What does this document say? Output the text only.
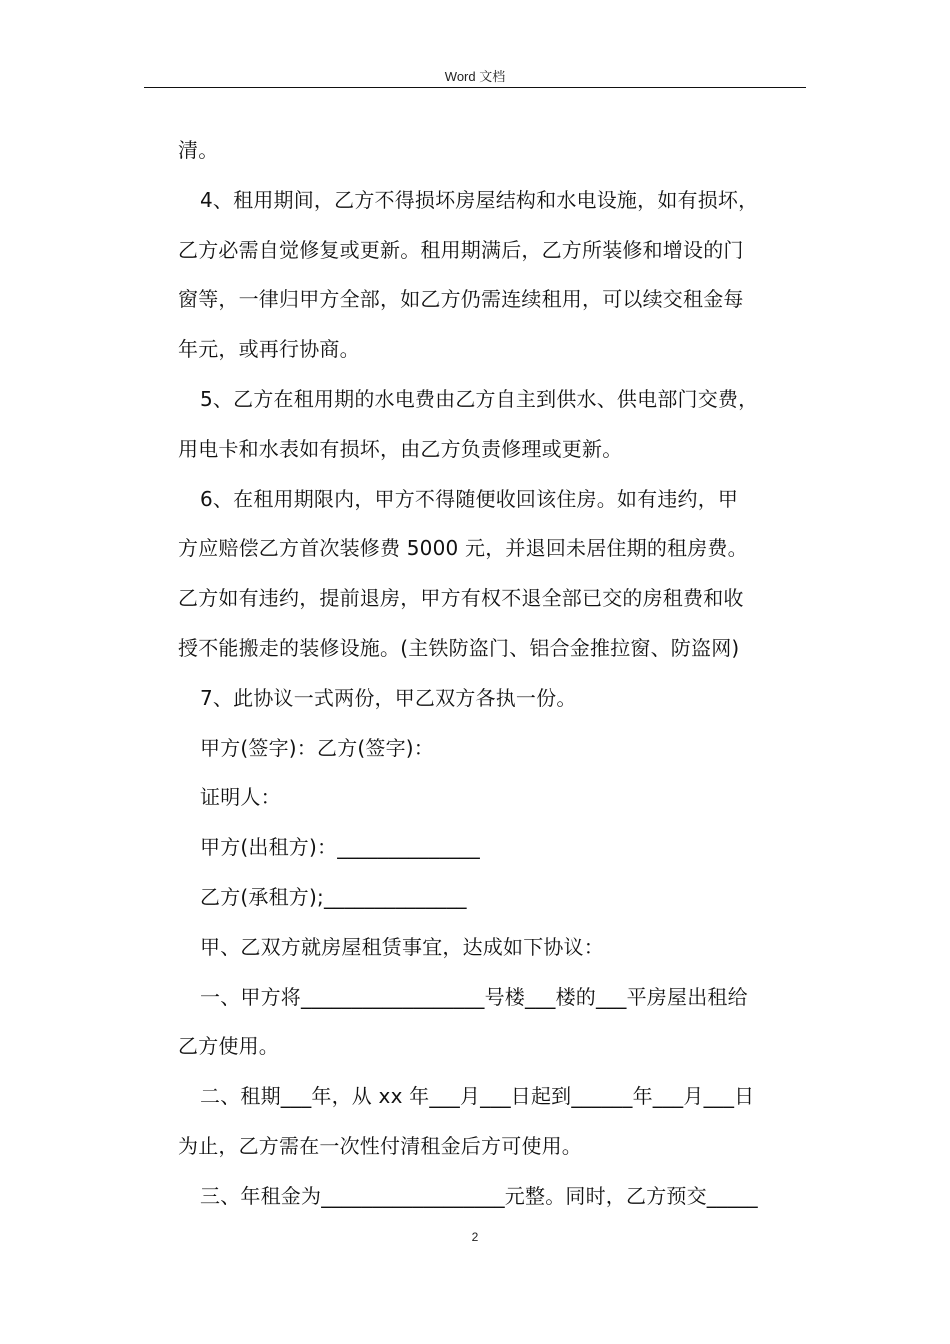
Word 文档
清。
4、租用期间，乙方不得损坏房屋结构和水电设施，如有损坏，
乙方必需自觉修复或更新。租用期满后，乙方所装修和增设的门
窗等，一律归甲方全部，如乙方仍需连续租用，可以续交租金每
年元，或再行协商。
5、乙方在租用期的水电费由乙方自主到供水、供电部门交费，
用电卡和水表如有损坏，由乙方负责修理或更新。
6、在租用期限内，甲方不得随便收回该住房。如有违约，甲
方应赔偿乙方首次装修费 5000 元，并退回未居住期的租房费。
乙方如有违约，提前退房，甲方有权不退全部已交的房租费和收
授不能搬走的装修设施。(主铁防盗门、铝合金推拉窗、防盗网)
7、此协议一式两份，甲乙双方各执一份。
甲方(签字)：乙方(签字)：
证明人：
甲方(出租方)：______________
乙方(承租方);______________
甲、乙双方就房屋租赁事宜，达成如下协议：
一、甲方将__________________号楼___楼的___平房屋出租给
乙方使用。
二、租期___年，从 xx 年___月___日起到______年___月___日
为止，乙方需在一次性付清租金后方可使用。
三、年租金为__________________元整。同时，乙方预交_____
2
